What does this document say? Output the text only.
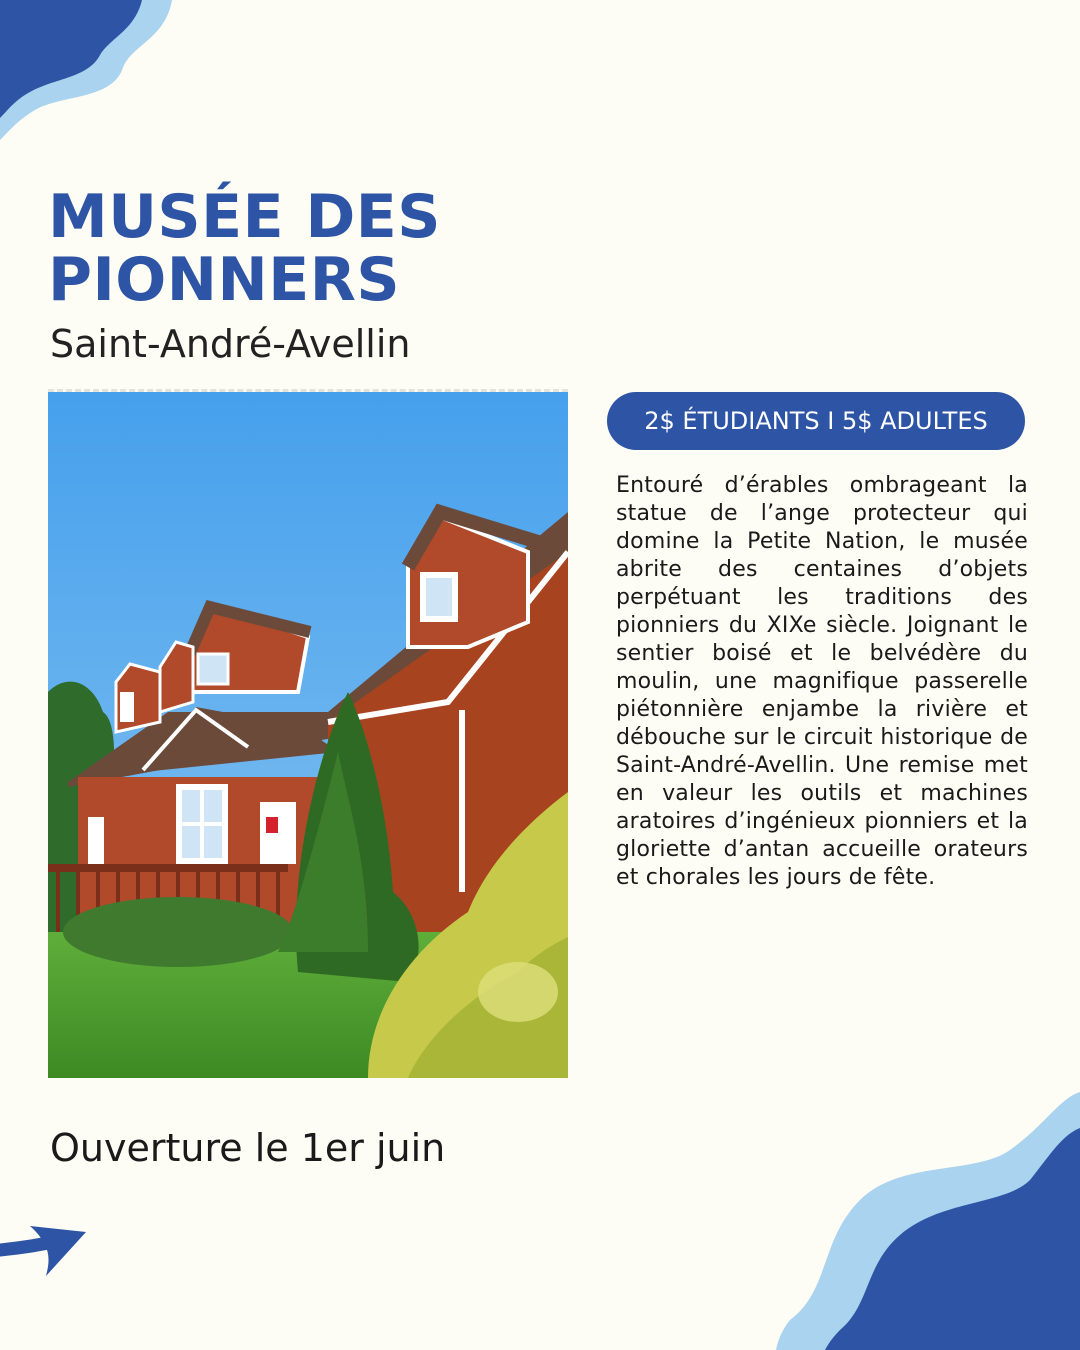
MUSÉE DES
PIONNERS
Saint-André-Avellin
2$ ÉTUDIANTS I 5$ ADULTES

Entouré d’érables ombrageant la statue de l’ange protecteur qui domine la Petite Nation, le musée abrite des centaines d’objets perpétuant les traditions des pionniers du XIXe siècle. Joignant le sentier boisé et le belvédère du moulin, une magnifique passerelle piétonnière enjambe la rivière et débouche sur le circuit historique de Saint-André-Avellin. Une remise met en valeur les outils et machines aratoires d’ingénieux pionniers et la gloriette d’antan accueille orateurs et chorales les jours de fête.

Ouverture le 1er juin
